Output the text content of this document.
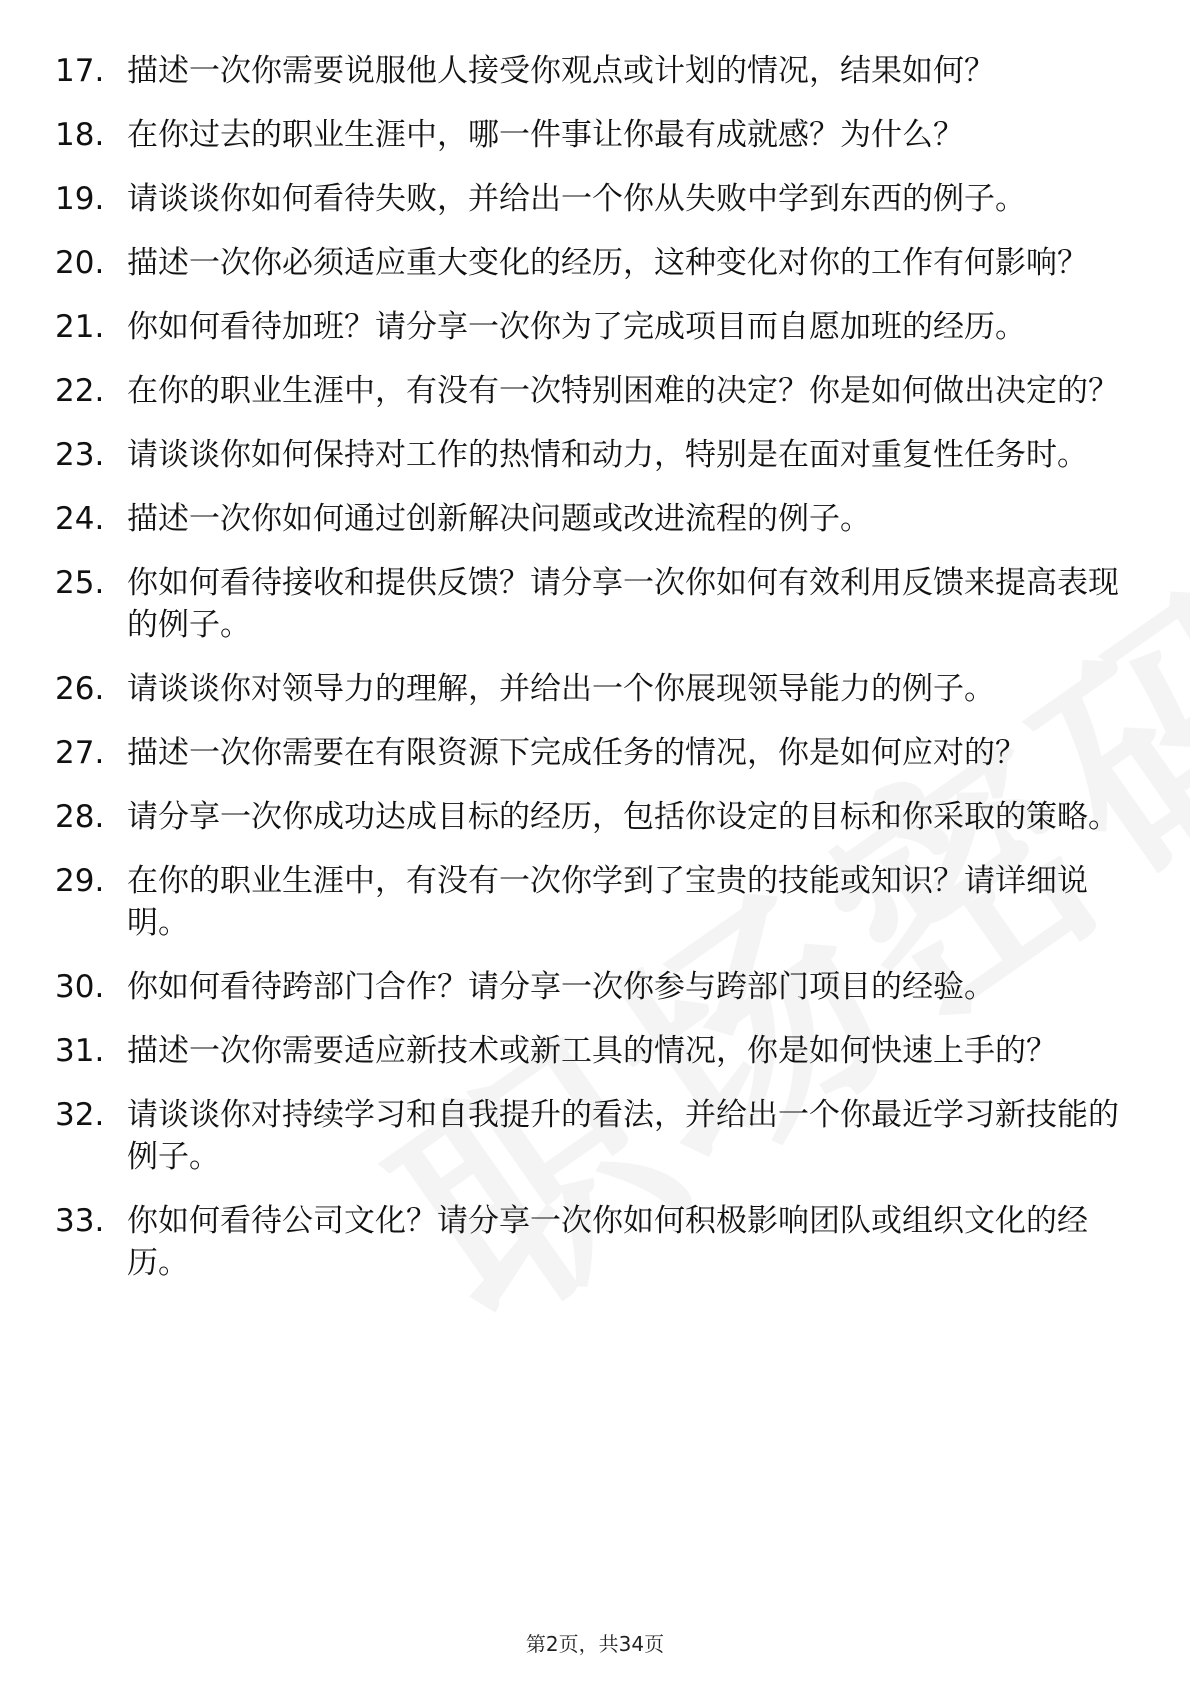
17. 描述一次你需要说服他人接受你观点或计划的情况，结果如何？
18. 在你过去的职业生涯中，哪一件事让你最有成就感？为什么？
19. 请谈谈你如何看待失败，并给出一个你从失败中学到东西的例子。
20. 描述一次你必须适应重大变化的经历，这种变化对你的工作有何影响？
21. 你如何看待加班？请分享一次你为了完成项目而自愿加班的经历。
22. 在你的职业生涯中，有没有一次特别困难的决定？你是如何做出决定的？
23. 请谈谈你如何保持对工作的热情和动力，特别是在面对重复性任务时。
24. 描述一次你如何通过创新解决问题或改进流程的例子。
25. 你如何看待接收和提供反馈？请分享一次你如何有效利用反馈来提高表现的例子。
26. 请谈谈你对领导力的理解，并给出一个你展现领导能力的例子。
27. 描述一次你需要在有限资源下完成任务的情况，你是如何应对的？
28. 请分享一次你成功达成目标的经历，包括你设定的目标和你采取的策略。
29. 在你的职业生涯中，有没有一次你学到了宝贵的技能或知识？请详细说明。
30. 你如何看待跨部门合作？请分享一次你参与跨部门项目的经验。
31. 描述一次你需要适应新技术或新工具的情况，你是如何快速上手的？
32. 请谈谈你对持续学习和自我提升的看法，并给出一个你最近学习新技能的例子。
33. 你如何看待公司文化？请分享一次你如何积极影响团队或组织文化的经历。
第2页，共34页
